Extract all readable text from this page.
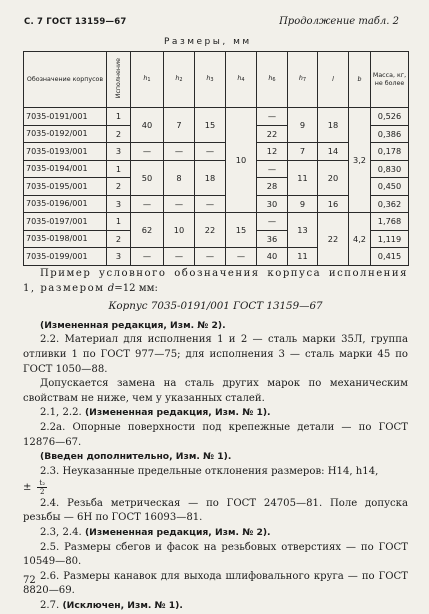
С. 7 ГОСТ 13159—67	Продолжение табл. 2
Размеры, мм
Обозначение корпусов	Исполнение	$h_1$	$h_2$	$h_3$	$h_4$	$h_6$	$h_7$	l	b	Масса, кг, не более
7035-0191/001	1	40	7	15	10	—	9	18	3,2	0,526
7035-0192/001	2					22				0,386
7035-0193/001	3	—	—	—		12	7	14		0,178
7035-0194/001	1	50	8	18		—	11	20		0,830
7035-0195/001	2					28				0,450
7035-0196/001	3	—	—	—		30	9	16		0,362
7035-0197/001	1	62	10	22	15	—	13	22	4,2	1,768
7035-0198/001	2					36				1,119
7035-0199/001	3	—	—	—	—	40	11			0,415

Пример условного обозначения корпуса исполнения 1, размером d=12 мм:

Корпус 7035-0191/001 ГОСТ 13159—67

(Измененная редакция, Изм. № 2).

2.2. Материал для исполнения 1 и 2 — сталь марки 35Л, группа отливки 1 по ГОСТ 977—75; для исполнения 3 — сталь марки 45 по ГОСТ 1050—88.

Допускается замена на сталь других марок по механическим свойствам не ниже, чем у указанных сталей.

2.1, 2.2. (Измененная редакция, Изм. № 1).

2.2а. Опорные поверхности под крепежные детали — по ГОСТ 12876—67.

(Введен дополнительно, Изм. № 1).

2.3. Неуказанные предельные отклонения размеров: H14, h14,

± $\frac{\text{t₂}}{2}$

2.4. Резьба метрическая — по ГОСТ 24705—81. Поле допуска резьбы — 6H по ГОСТ 16093—81.

2.3, 2.4. (Измененная редакция, Изм. № 2).

2.5. Размеры сбегов и фасок на резьбовых отверстиях — по ГОСТ 10549—80.

2.6. Размеры канавок для выхода шлифовального круга — по ГОСТ 8820—69.

2.7. (Исключен, Изм. № 1).

72
